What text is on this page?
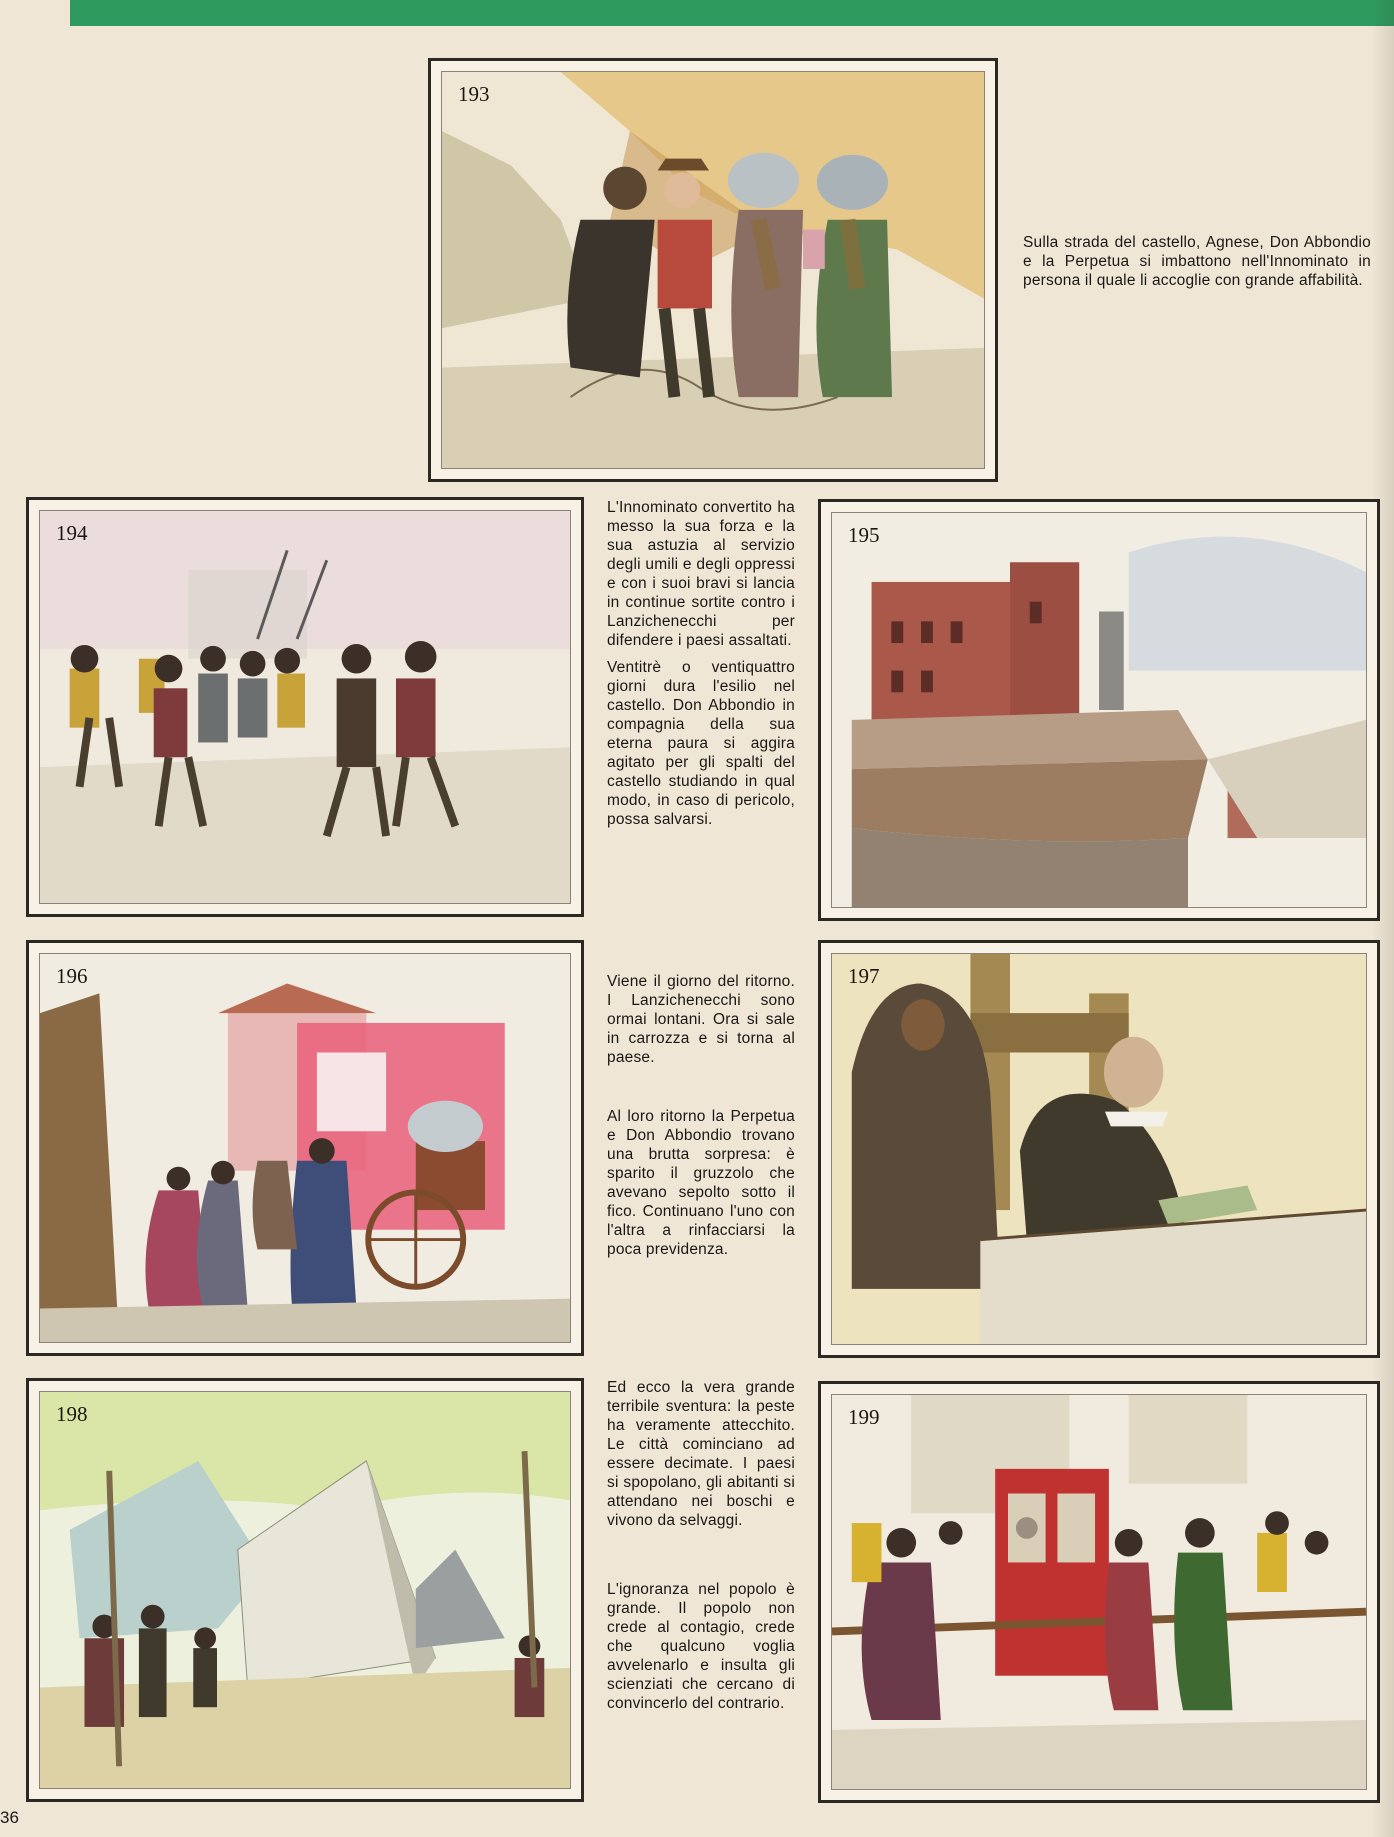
193

Sulla strada del castello, Agnese, Don Abbondio e la Perpetua si imbattono nell'Innominato in persona il quale li accoglie con grande affabilità.

194

L'Innominato convertito ha messo la sua forza e la sua astuzia al servizio degli umili e degli oppressi e con i suoi bravi si lancia in continue sortite contro i Lanzichenecchi per difendere i paesi assaltati.

Ventitrè o ventiquattro giorni dura l'esilio nel castello. Don Abbondio in compagnia della sua eterna paura si aggira agitato per gli spalti del castello studiando in qual modo, in caso di pericolo, possa salvarsi.

195
196	Viene il giorno del ritorno. I Lanzichenecchi sono ormai lontani. Ora si sale in carrozza e si torna al paese.

Al loro ritorno la Perpetua e Don Abbondio trovano una brutta sorpresa: è sparito il gruzzolo che avevano sepolto sotto il fico. Continuano l'uno con l'altra a rinfacciarsi la poca previdenza.

197
198

Ed ecco la vera grande terribile sventura: la peste ha veramente attecchito. Le città cominciano ad essere decimate. I paesi si spopolano, gli abitanti si attendano nei boschi e vivono da selvaggi.

L'ignoranza nel popolo è grande. Il popolo non crede al contagio, crede che qualcuno voglia avvelenarlo e insulta gli scienziati che cercano di convincerlo del contrario.

199
36
